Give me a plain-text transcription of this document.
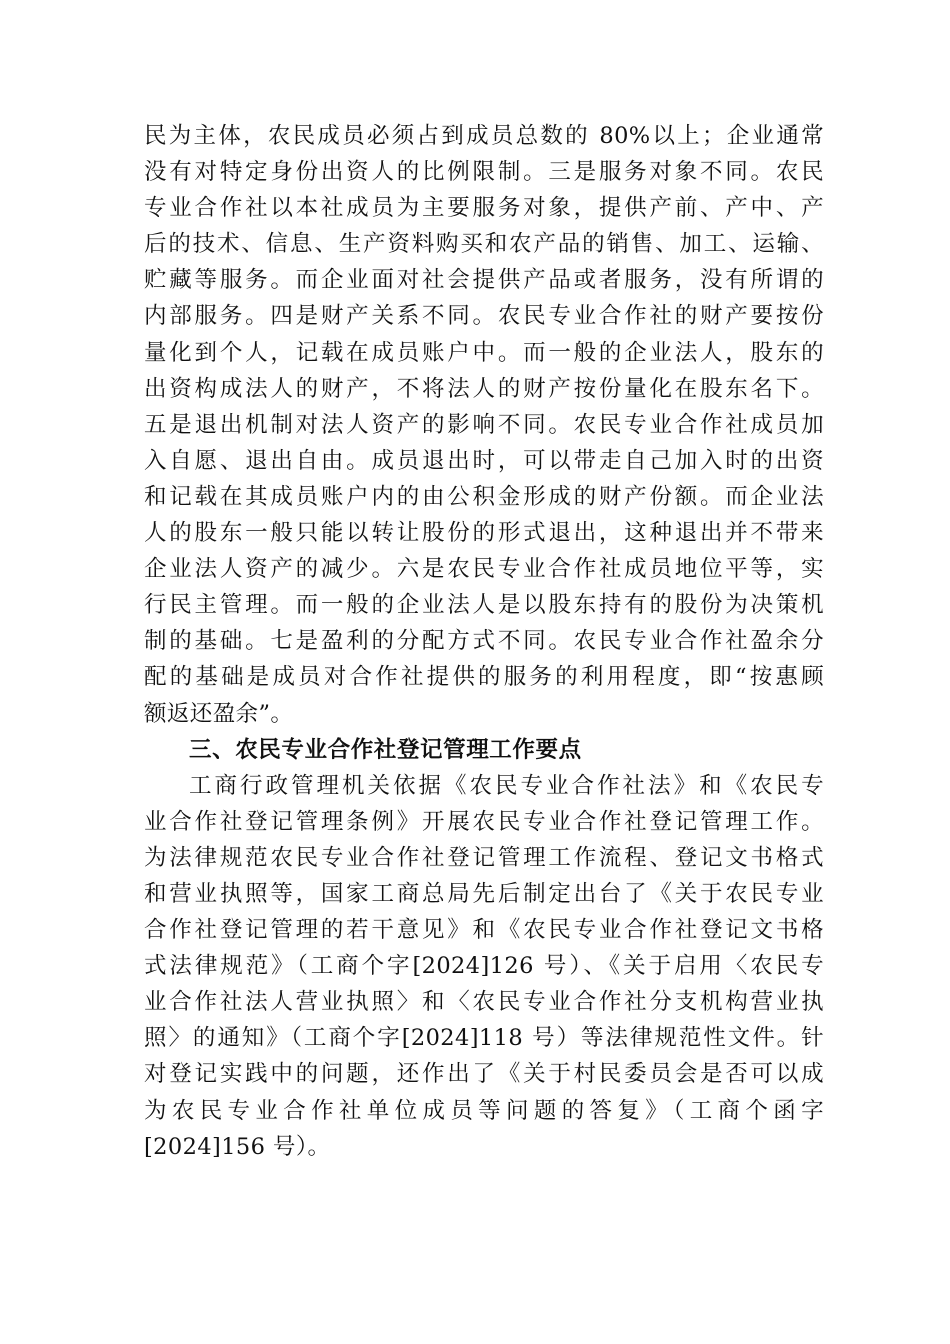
民为主体，农民成员必须占到成员总数的 80%以上；企业通常
没有对特定身份出资人的比例限制。三是服务对象不同。农民
专业合作社以本社成员为主要服务对象，提供产前、产中、产
后的技术、信息、生产资料购买和农产品的销售、加工、运输、
贮藏等服务。而企业面对社会提供产品或者服务，没有所谓的
内部服务。四是财产关系不同。农民专业合作社的财产要按份
量化到个人，记载在成员账户中。而一般的企业法人，股东的
出资构成法人的财产，不将法人的财产按份量化在股东名下。
五是退出机制对法人资产的影响不同。农民专业合作社成员加
入自愿、退出自由。成员退出时，可以带走自己加入时的出资
和记载在其成员账户内的由公积金形成的财产份额。而企业法
人的股东一般只能以转让股份的形式退出，这种退出并不带来
企业法人资产的减少。六是农民专业合作社成员地位平等，实
行民主管理。而一般的企业法人是以股东持有的股份为决策机
制的基础。七是盈利的分配方式不同。农民专业合作社盈余分
配的基础是成员对合作社提供的服务的利用程度，即“按惠顾
额返还盈余”。
三、农民专业合作社登记管理工作要点
工商行政管理机关依据《农民专业合作社法》和《农民专
业合作社登记管理条例》开展农民专业合作社登记管理工作。
为法律规范农民专业合作社登记管理工作流程、登记文书格式
和营业执照等，国家工商总局先后制定出台了《关于农民专业
合作社登记管理的若干意见》和《农民专业合作社登记文书格
式法律规范》（工商个字[2024]126 号）、《关于启用〈农民专
业合作社法人营业执照〉和〈农民专业合作社分支机构营业执
照〉的通知》（工商个字[2024]118 号）等法律规范性文件。针
对登记实践中的问题，还作出了《关于村民委员会是否可以成
为农民专业合作社单位成员等问题的答复》（工商个函字
[2024]156 号）。
